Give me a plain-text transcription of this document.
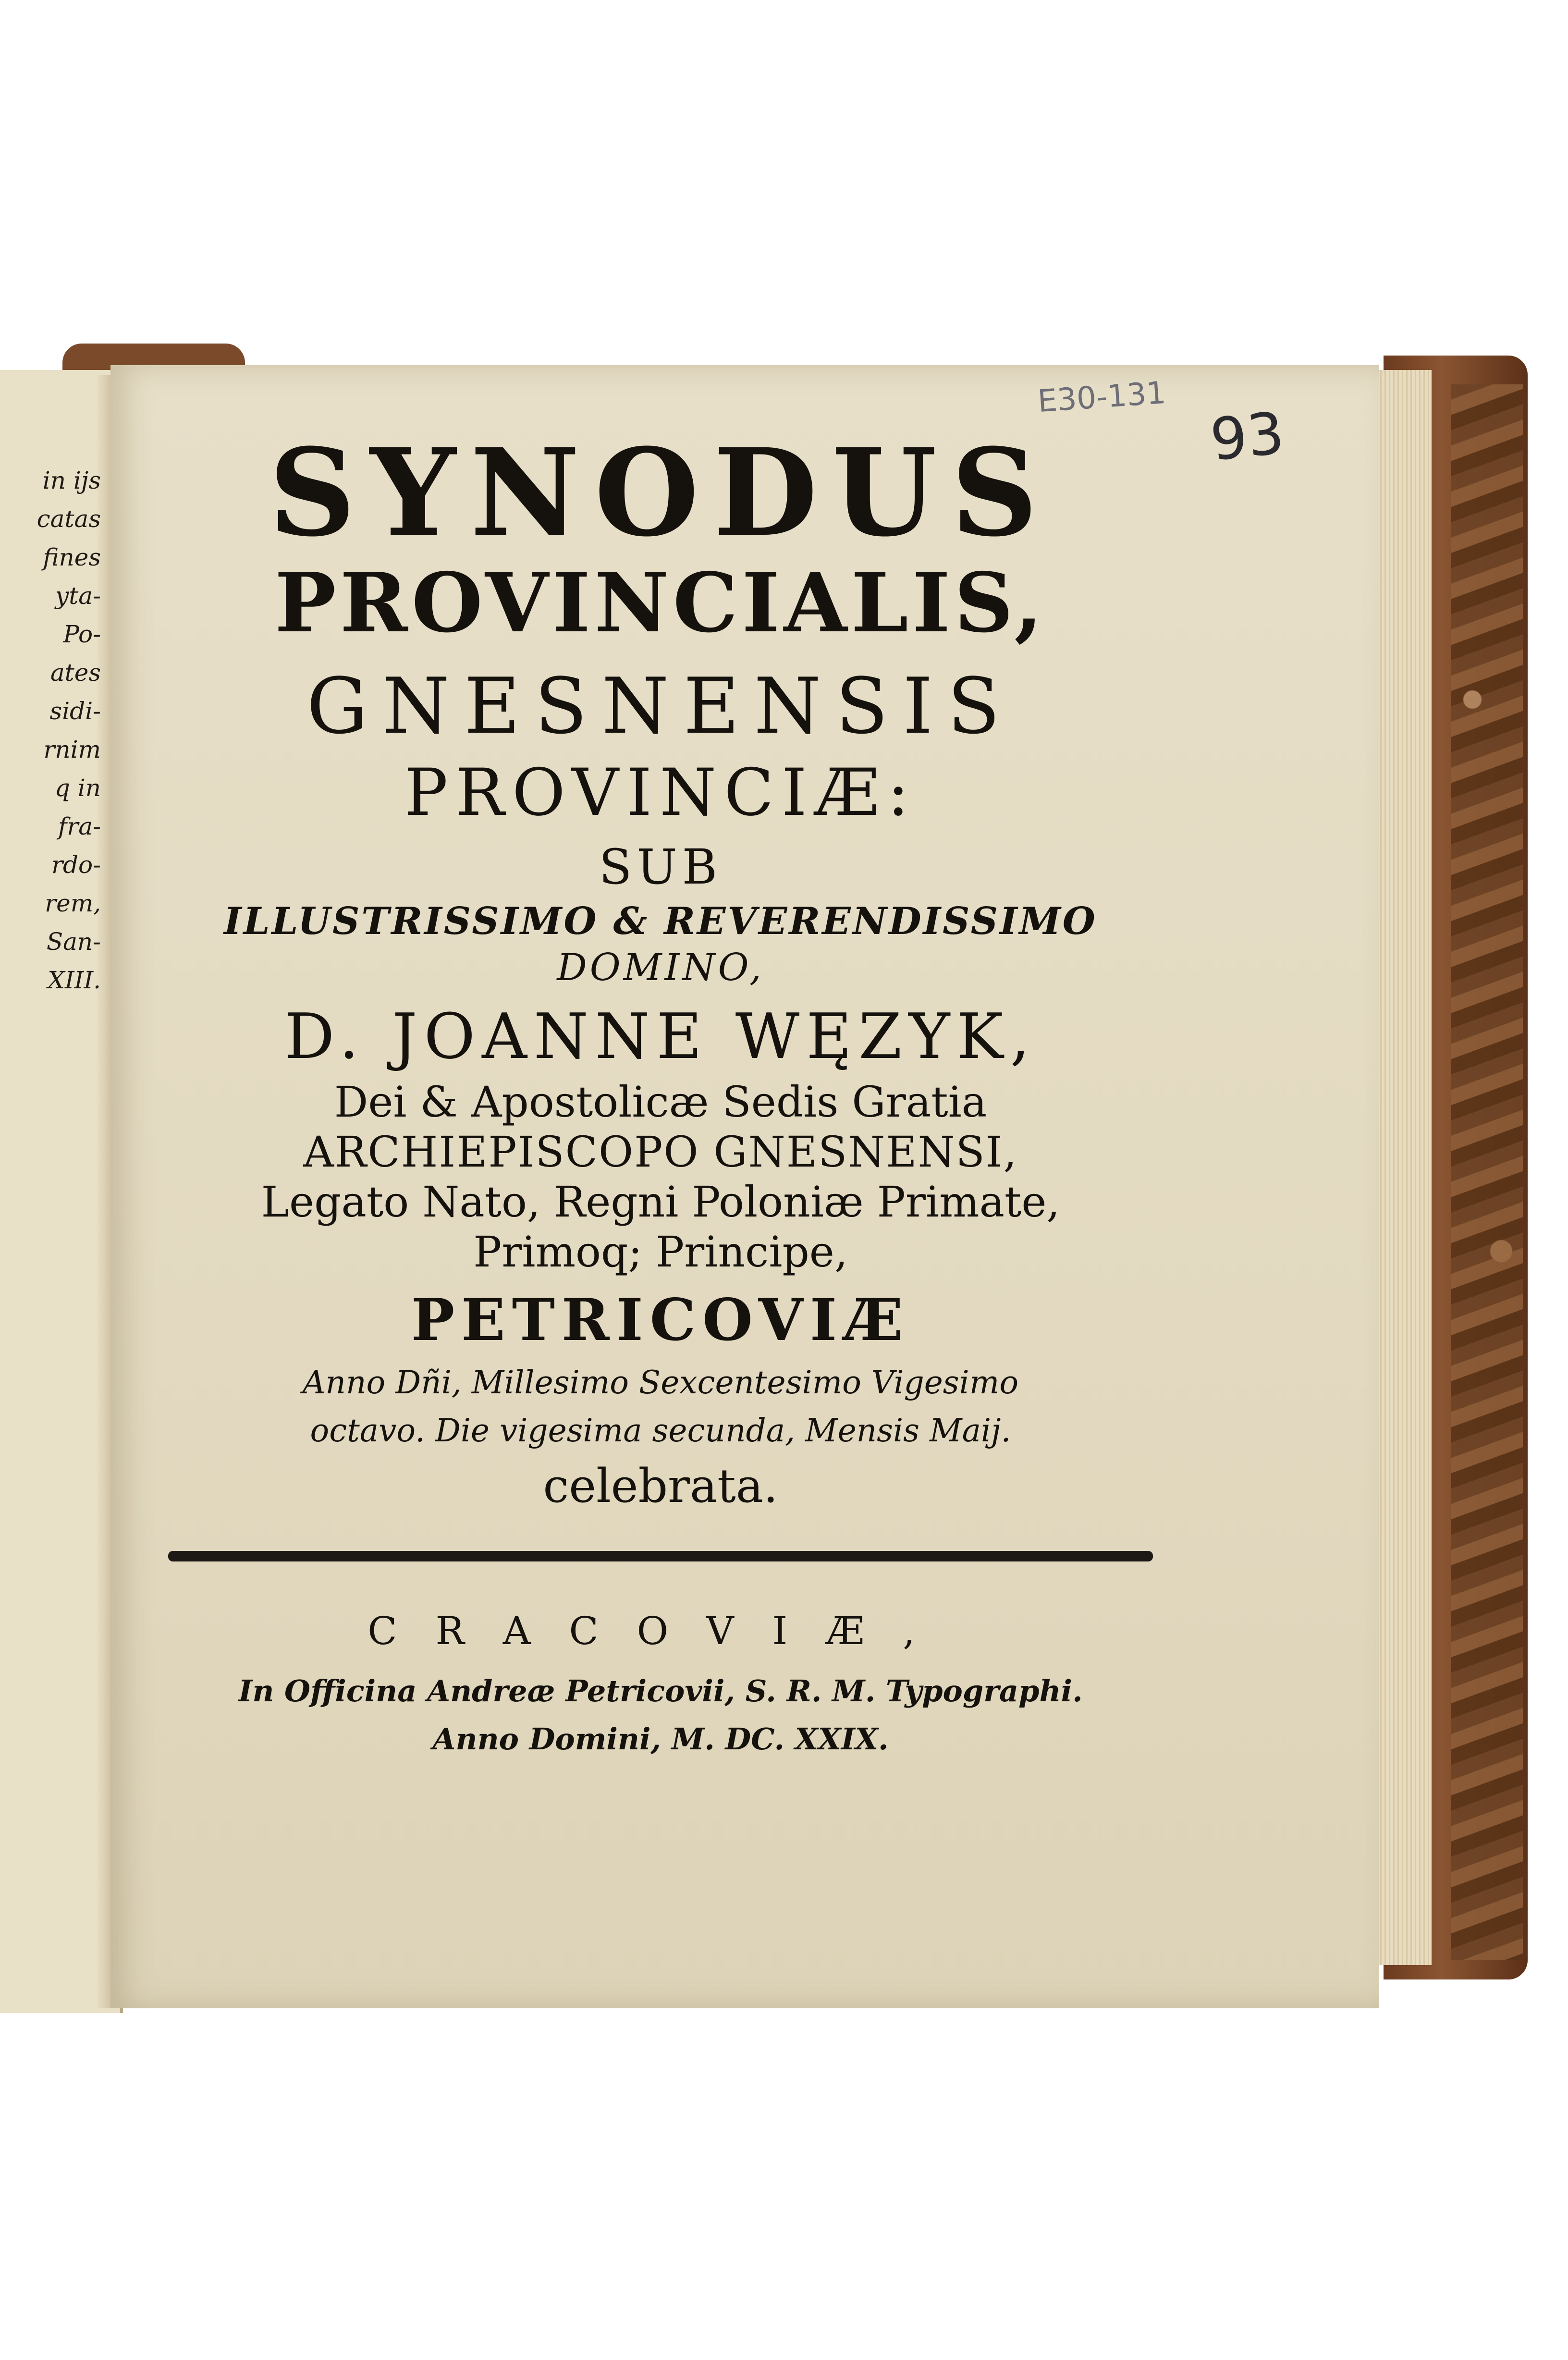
in ijs
catas
fines
yta-
Po-
ates
sidi-
rnim
q in
fra-
rdo-
rem,
San-
XIII.
E30-131
93
SYNODUS
PROVINCIALIS,
GNESNENSIS
PROVINCIÆ:
SUB
ILLUSTRISSIMO & REVERENDISSIMO
DOMINO,
D. JOANNE WĘZYK,
Dei & Apostolicæ Sedis Gratia
ARCHIEPISCOPO GNESNENSI,
Legato Nato, Regni Poloniæ Primate,
Primoq; Principe,
PETRICOVIÆ
Anno Dñi, Millesimo Sexcentesimo Vigesimo
octavo. Die vigesima secunda, Mensis Maij.
celebrata.
CRACOVIÆ,
In Officina Andreæ Petricovii, S. R. M. Typographi.
Anno Domini, M. DC. XXIX.
